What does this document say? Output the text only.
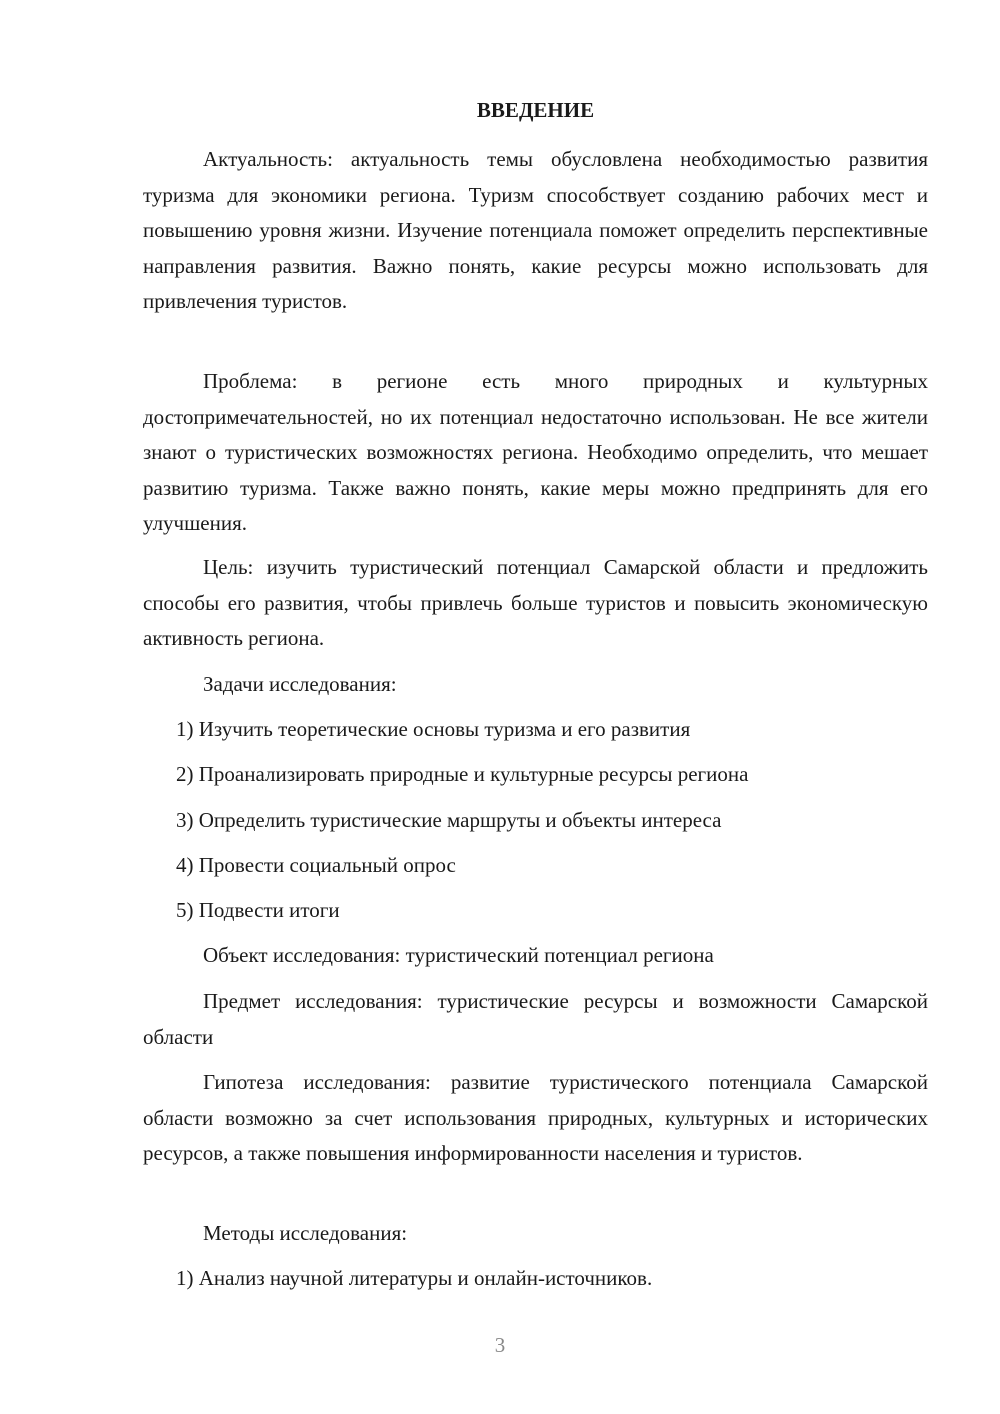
ВВЕДЕНИЕ

Актуальность: актуальность темы обусловлена необходимостью развития туризма для экономики региона. Туризм способствует созданию рабочих мест и повышению уровня жизни. Изучение потенциала поможет определить перспективные направления развития. Важно понять, какие ресурсы можно использовать для привлечения туристов.

Проблема: в регионе есть много природных и культурных достопримечательностей, но их потенциал недостаточно использован. Не все жители знают о туристических возможностях региона. Необходимо определить, что мешает развитию туризма. Также важно понять, какие меры можно предпринять для его улучшения.

Цель: изучить туристический потенциал Самарской области и предложить способы его развития, чтобы привлечь больше туристов и повысить экономическую активность региона.

Задачи исследования:

1) Изучить теоретические основы туризма и его развития

2) Проанализировать природные и культурные ресурсы региона

3) Определить туристические маршруты и объекты интереса

4) Провести социальный опрос

5) Подвести итоги

Объект исследования: туристический потенциал региона

Предмет исследования: туристические ресурсы и возможности Самарской области

Гипотеза исследования: развитие туристического потенциала Самарской области возможно за счет использования природных, культурных и исторических ресурсов, а также повышения информированности населения и туристов.

Методы исследования:

1) Анализ научной литературы и онлайн-источников.

3
